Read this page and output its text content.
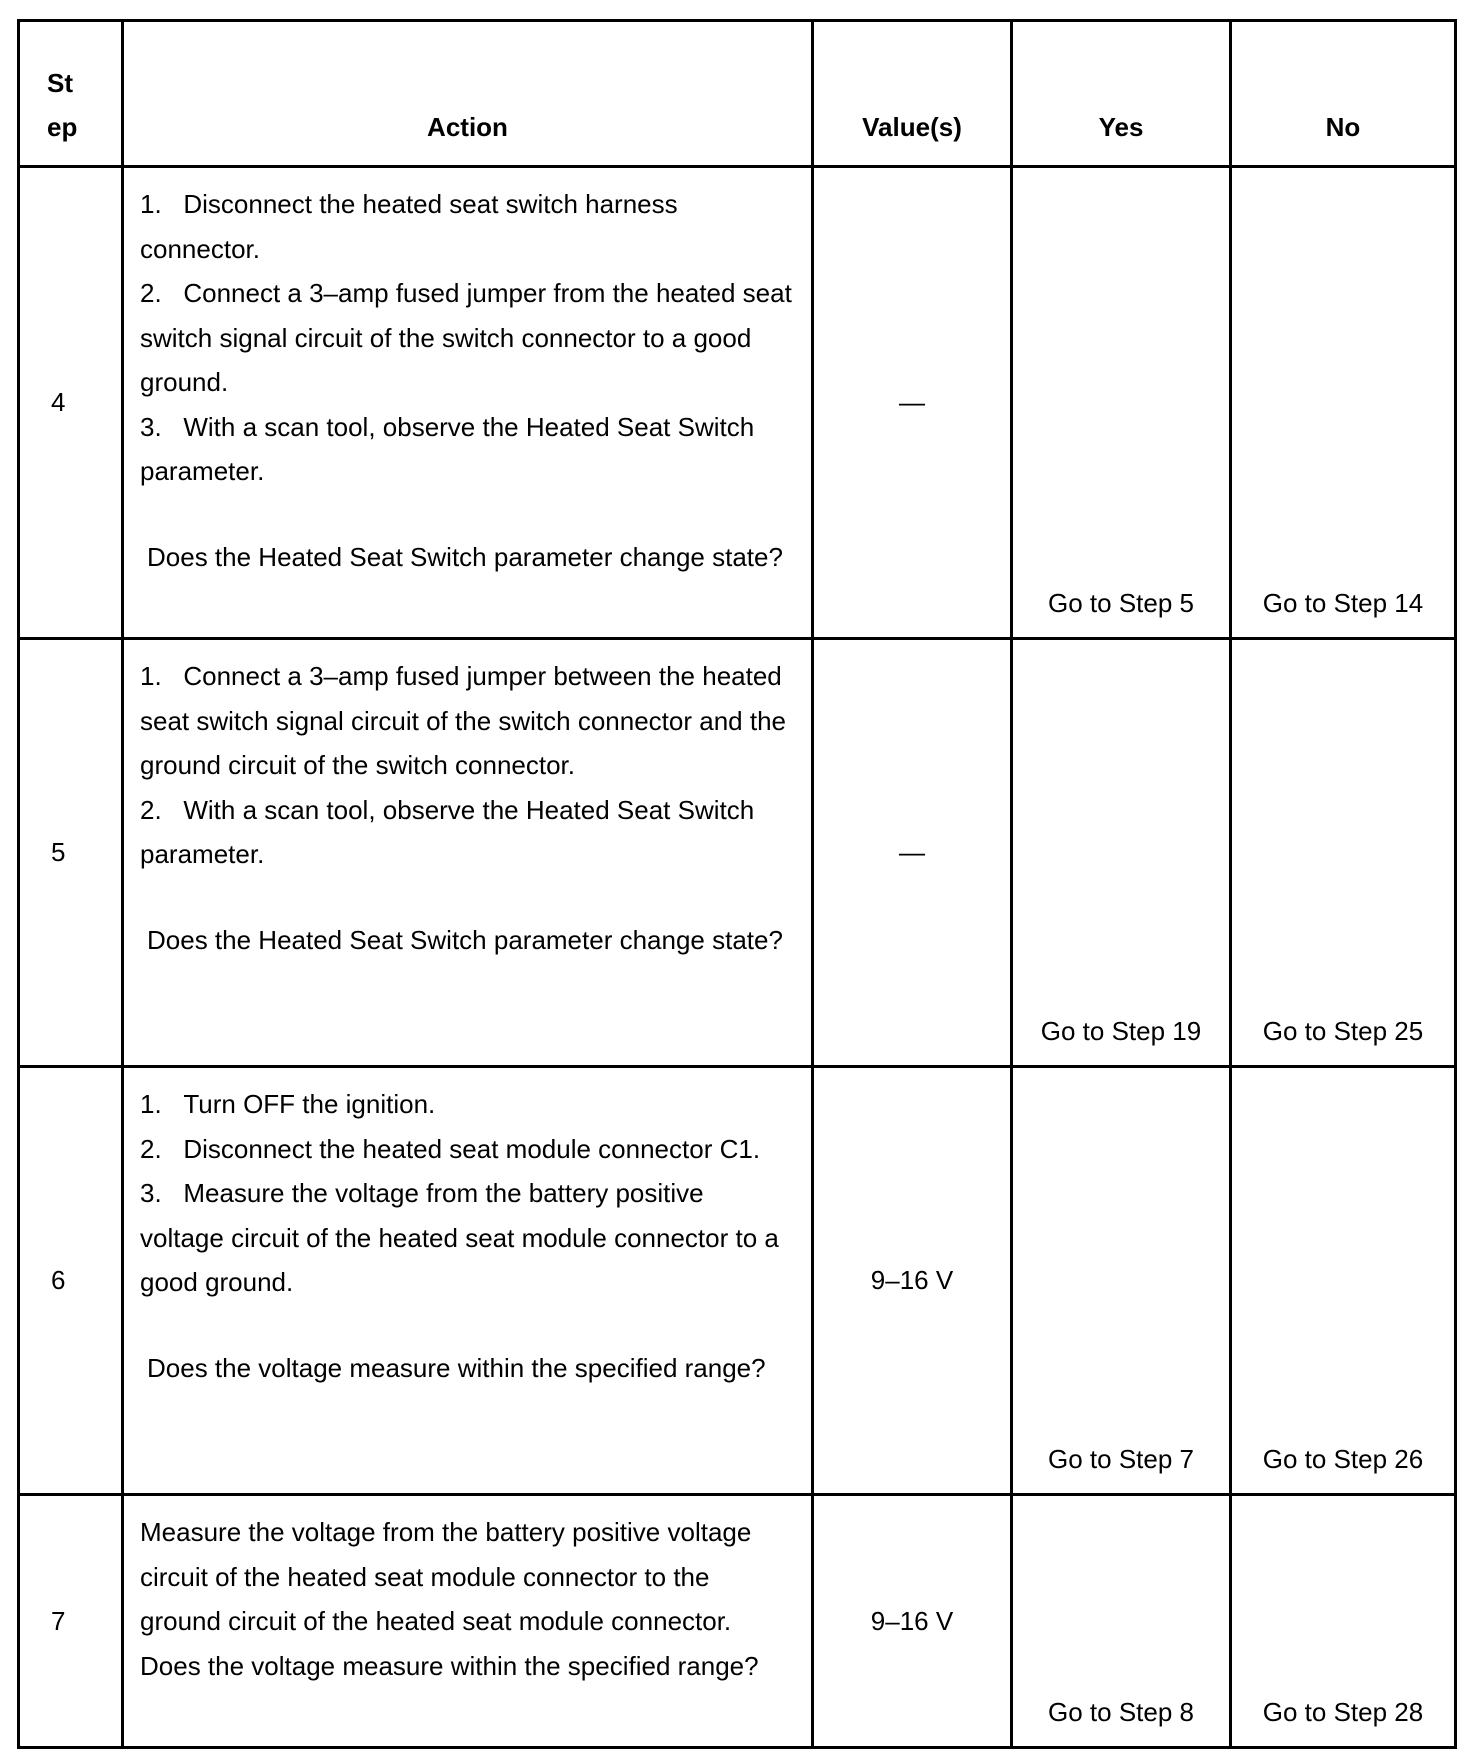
St
ep	Action	Value(s)	Yes	No
4	1.   Disconnect the heated seat switch harness connector.
2.   Connect a 3–amp fused jumper from the heated seat switch signal circuit of the switch connector to a good ground.
3.   With a scan tool, observe the Heated Seat Switch parameter.
Does the Heated Seat Switch parameter change state?	—	Go to Step 5	Go to Step 14
5	1.   Connect a 3–amp fused jumper between the heated seat switch signal circuit of the switch connector and the ground circuit of the switch connector.
2.   With a scan tool, observe the Heated Seat Switch parameter.
Does the Heated Seat Switch parameter change state?	—	Go to Step 19	Go to Step 25
6	1.   Turn OFF the ignition.
2.   Disconnect the heated seat module connector C1.
3.   Measure the voltage from the battery positive voltage circuit of the heated seat module connector to a good ground.
Does the voltage measure within the specified range?	9–16 V	Go to Step 7	Go to Step 26
7	Measure the voltage from the battery positive voltage circuit of the heated seat module connector to the ground circuit of the heated seat module connector. Does the voltage measure within the specified range?	9–16 V	Go to Step 8	Go to Step 28
